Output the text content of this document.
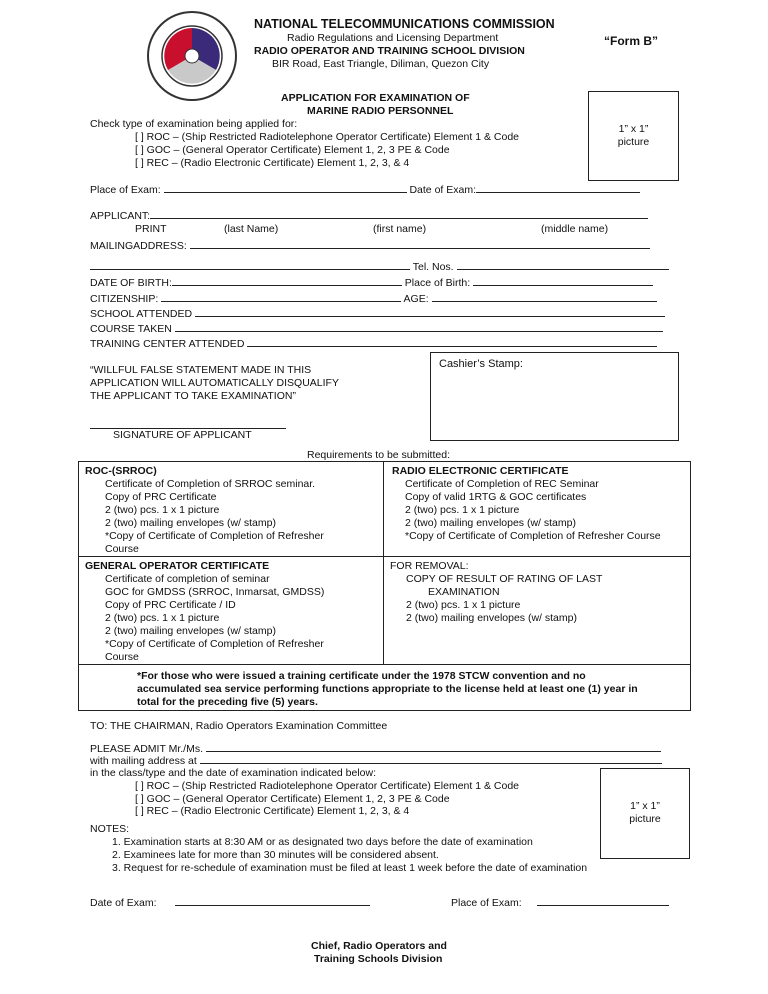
NATIONAL TELECOMMUNICATIONS COMMISSION
Radio Regulations and Licensing Department
RADIO OPERATOR AND TRAINING SCHOOL DIVISION
BIR Road, East Triangle, Diliman, Quezon City
“Form B”
APPLICATION FOR EXAMINATION OF
MARINE RADIO PERSONNEL
1” x 1”
picture
Check type of examination being applied for:
[ ] ROC – (Ship Restricted Radiotelephone Operator Certificate) Element 1 & Code
[ ] GOC – (General Operator Certificate) Element 1, 2, 3 PE & Code
[ ] REC – (Radio Electronic Certificate) Element 1, 2, 3, & 4
Place of Exam:	Date of Exam:
APPLICANT:
PRINT	(last Name)	(first name)	(middle name)
MAILINGADDRESS:
Tel. Nos.
DATE OF BIRTH:	Place of Birth:
CITIZENSHIP:	AGE:
SCHOOL ATTENDED
COURSE TAKEN
TRAINING CENTER ATTENDED
“WILLFUL FALSE STATEMENT MADE IN THIS
APPLICATION WILL AUTOMATICALLY DISQUALIFY
THE APPLICANT TO TAKE EXAMINATION”
Cashier’s Stamp:
SIGNATURE OF APPLICANT
Requirements to be submitted:
ROC-(SRROC)
Certificate of Completion of SRROC seminar.
Copy of PRC Certificate
2 (two) pcs. 1 x 1 picture
2 (two) mailing envelopes (w/ stamp)
*Copy of Certificate of Completion of Refresher
Course
RADIO ELECTRONIC CERTIFICATE
Certificate of Completion of REC Seminar
Copy of valid 1RTG & GOC certificates
2 (two) pcs. 1 x 1 picture
2 (two) mailing envelopes (w/ stamp)
*Copy of Certificate of Completion of Refresher Course
GENERAL OPERATOR CERTIFICATE
Certificate of completion of seminar
GOC for GMDSS (SRROC, Inmarsat, GMDSS)
Copy of PRC Certificate / ID
2 (two) pcs. 1 x 1 picture
2 (two) mailing envelopes (w/ stamp)
*Copy of Certificate of Completion of Refresher
Course
FOR REMOVAL:
COPY OF RESULT OF RATING OF LAST
EXAMINATION
2 (two) pcs. 1 x 1 picture
2 (two) mailing envelopes (w/ stamp)
*For those who were issued a training certificate under the 1978 STCW convention and no
accumulated sea service performing functions appropriate to the license held at least one (1) year in
total for the preceding five (5) years.
TO: THE CHAIRMAN, Radio Operators Examination Committee
PLEASE ADMIT Mr./Ms.
with mailing address at
in the class/type and the date of examination indicated below:
[ ] ROC – (Ship Restricted Radiotelephone Operator Certificate) Element 1 & Code
[ ] GOC – (General Operator Certificate) Element 1, 2, 3 PE & Code
[ ] REC – (Radio Electronic Certificate) Element 1, 2, 3, & 4	1” x 1”
picture
NOTES:
1. Examination starts at 8:30 AM or as designated two days before the date of examination
2. Examinees late for more than 30 minutes will be considered absent.
3. Request for re-schedule of examination must be filed at least 1 week before the date of examination
Date of Exam:	Place of Exam:
Chief, Radio Operators and
Training Schools Division
